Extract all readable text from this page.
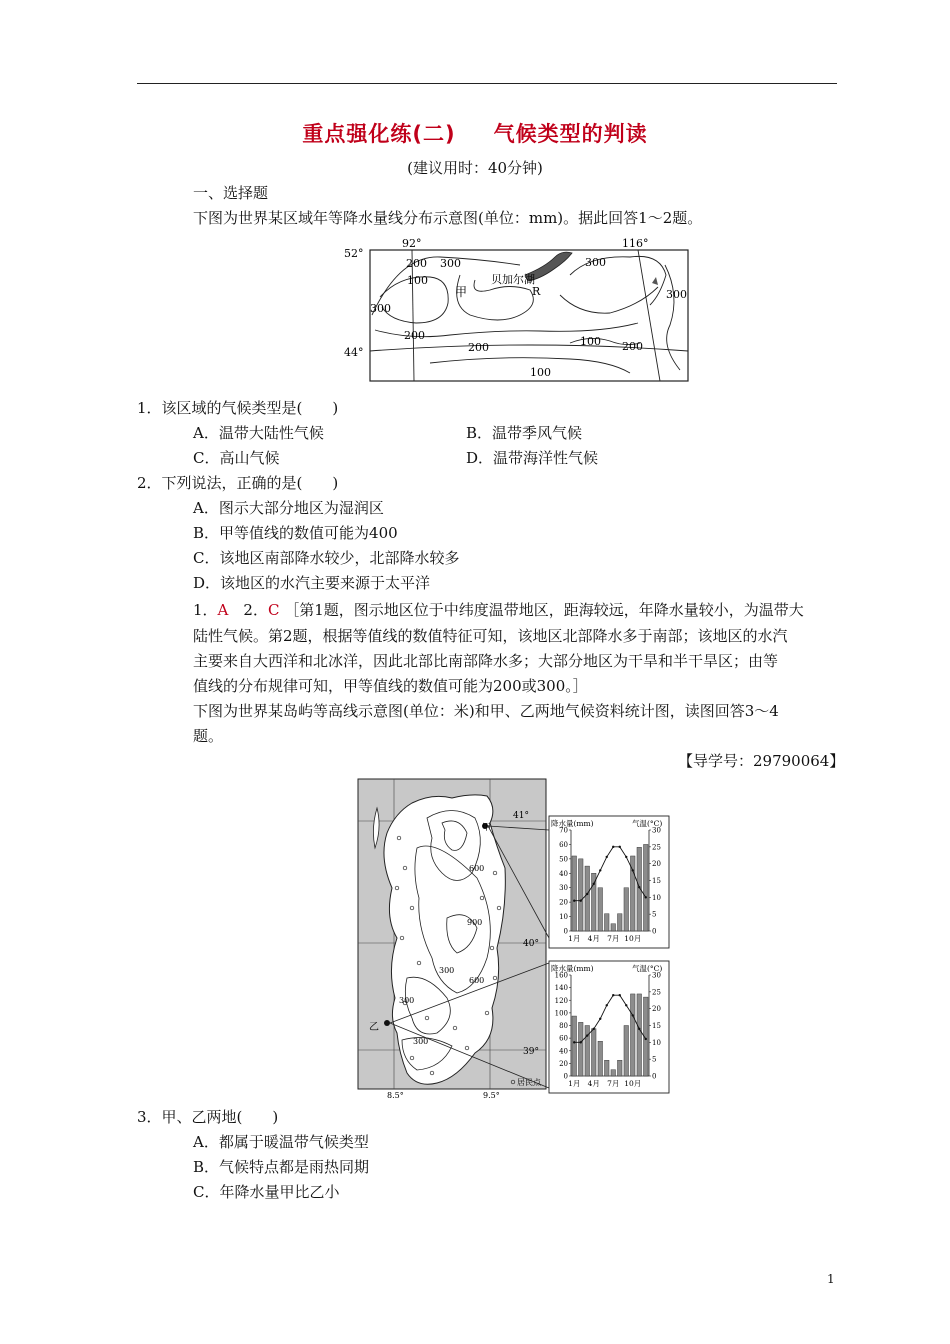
重点强化练(二) 气候类型的判读
(建议用时：40分钟)
一、选择题
下图为世界某区域年等降水量线分布示意图(单位：mm)。据此回答1～2题。
52°
44°
92°	116°
贝加尔湖
R
甲
200 300
100
300
300
300
200
200	100 200
100
1．该区域的气候类型是(　　)
A．温带大陆性气候	B．温带季风气候
C．高山气候	D．温带海洋性气候
2．下列说法，正确的是(　　)
A．图示大部分地区为湿润区
B．甲等值线的数值可能为400
C．该地区南部降水较少，北部降水较多
D．该地区的水汽主要来源于太平洋
1．A　 2．C ［第1题，图示地区位于中纬度温带地区，距海较远，年降水量较小，为温带大
陆性气候。第2题，根据等值线的数值特征可知，该地区北部降水多于南部；该地区的水汽
主要来自大西洋和北冰洋，因此北部比南部降水多；大部分地区为干旱和半干旱区；由等
值线的分布规律可知，甲等值线的数值可能为200或300。］
下图为世界某岛屿等高线示意图(单位：米)和甲、乙两地气候资料统计图，读图回答3～4
题。
【导学号：29790064】
41°
40°
39°
甲
乙
900
600
600
300
300
300
居民点
8.5°	9.5°
降水量(mm)	气温(°C)
0
10
20
30
40
50
60
70
0
5
10
15
20
25
30
1月 4月 7月 10月
降水量(mm)	气温(°C)
0
20
40
60
80
100
120
140
160
0
5
10
15
20
25
30
1月 4月 7月 10月
3．甲、乙两地(　　)
A．都属于暖温带气候类型
B．气候特点都是雨热同期
C．年降水量甲比乙小
1
